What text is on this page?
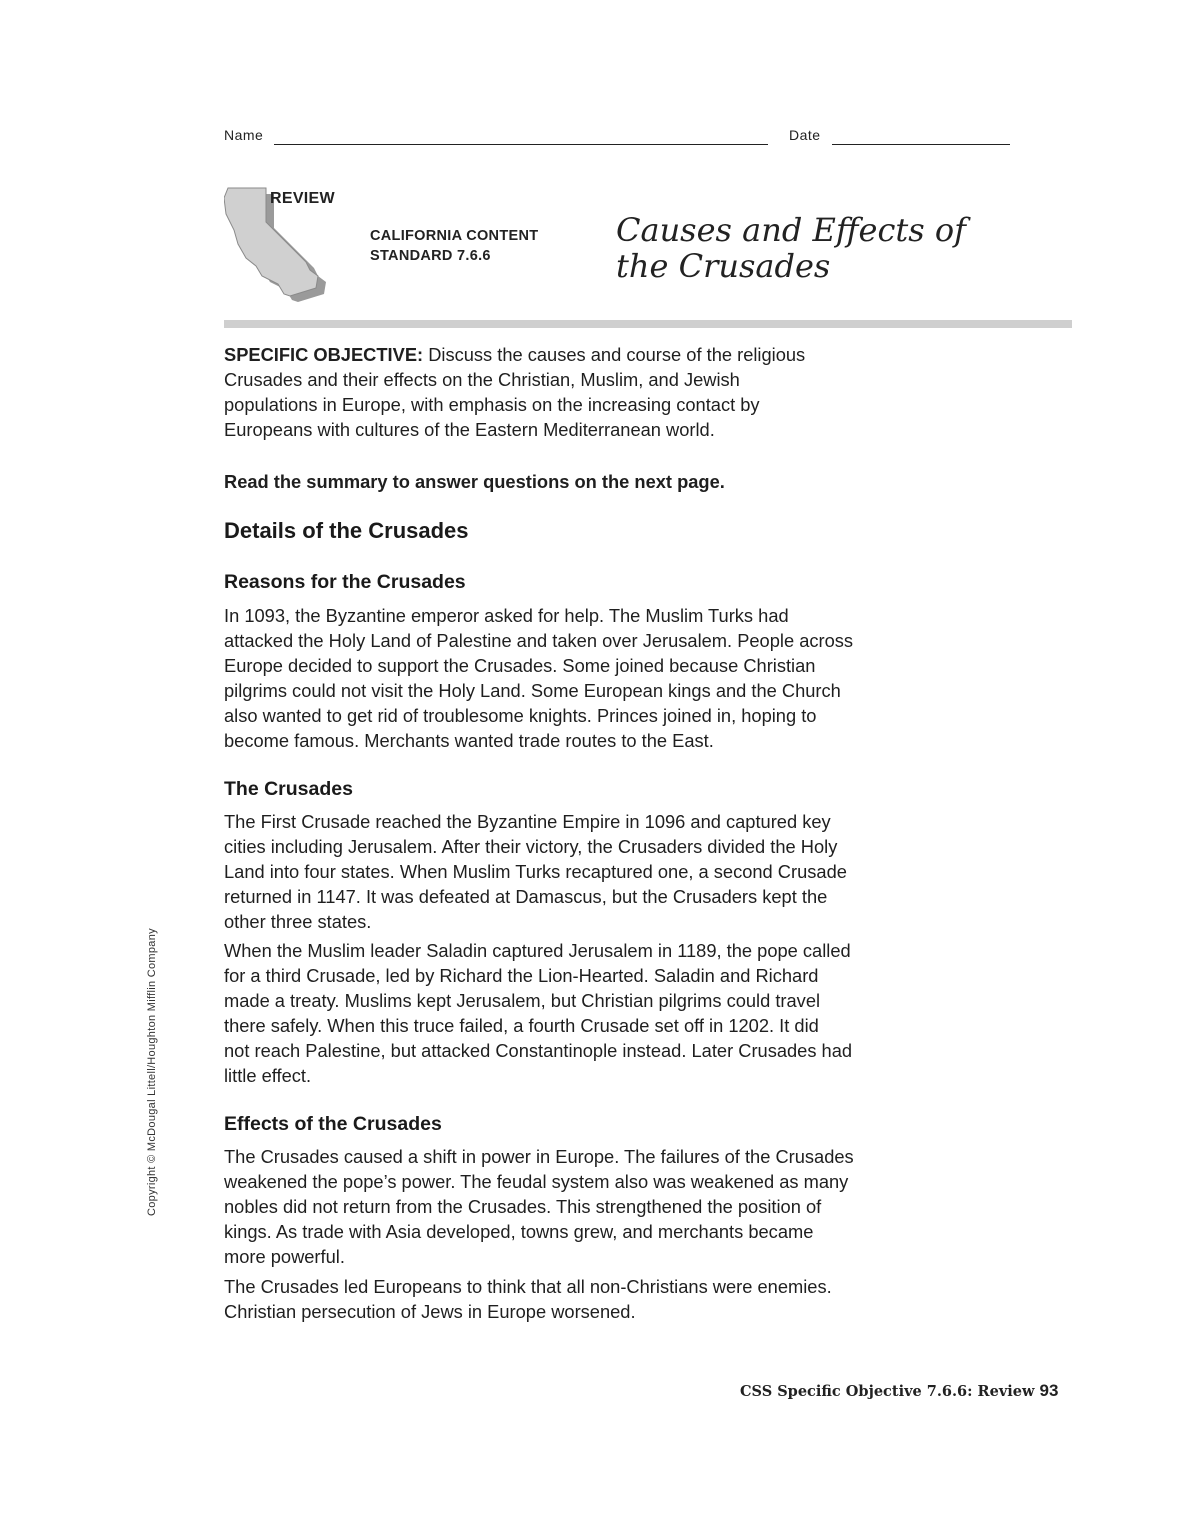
Name	Date
REVIEW
CALIFORNIA CONTENT
STANDARD 7.6.6
Causes and Effects of
the Crusades

SPECIFIC OBJECTIVE: Discuss the causes and course of the religious

Crusades and their effects on the Christian, Muslim, and Jewish

populations in Europe, with emphasis on the increasing contact by

Europeans with cultures of the Eastern Mediterranean world.

Read the summary to answer questions on the next page.
Details of the Crusades
Reasons for the Crusades

In 1093, the Byzantine emperor asked for help. The Muslim Turks had

attacked the Holy Land of Palestine and taken over Jerusalem. People across

Europe decided to support the Crusades. Some joined because Christian

pilgrims could not visit the Holy Land. Some European kings and the Church

also wanted to get rid of troublesome knights. Princes joined in, hoping to

become famous. Merchants wanted trade routes to the East.

The Crusades

The First Crusade reached the Byzantine Empire in 1096 and captured key

cities including Jerusalem. After their victory, the Crusaders divided the Holy

Land into four states. When Muslim Turks recaptured one, a second Crusade

returned in 1147. It was defeated at Damascus, but the Crusaders kept the

other three states.

When the Muslim leader Saladin captured Jerusalem in 1189, the pope called

for a third Crusade, led by Richard the Lion-Hearted. Saladin and Richard

made a treaty. Muslims kept Jerusalem, but Christian pilgrims could travel

there safely. When this truce failed, a fourth Crusade set off in 1202. It did

not reach Palestine, but attacked Constantinople instead. Later Crusades had

little effect.

Effects of the Crusades

The Crusades caused a shift in power in Europe. The failures of the Crusades

weakened the pope’s power. The feudal system also was weakened as many

nobles did not return from the Crusades. This strengthened the position of

kings. As trade with Asia developed, towns grew, and merchants became

more powerful.

The Crusades led Europeans to think that all non-Christians were enemies.

Christian persecution of Jews in Europe worsened.

Copyright © McDougal Littell/Houghton Mifflin Company
CSS Specific Objective 7.6.6: Review 93
